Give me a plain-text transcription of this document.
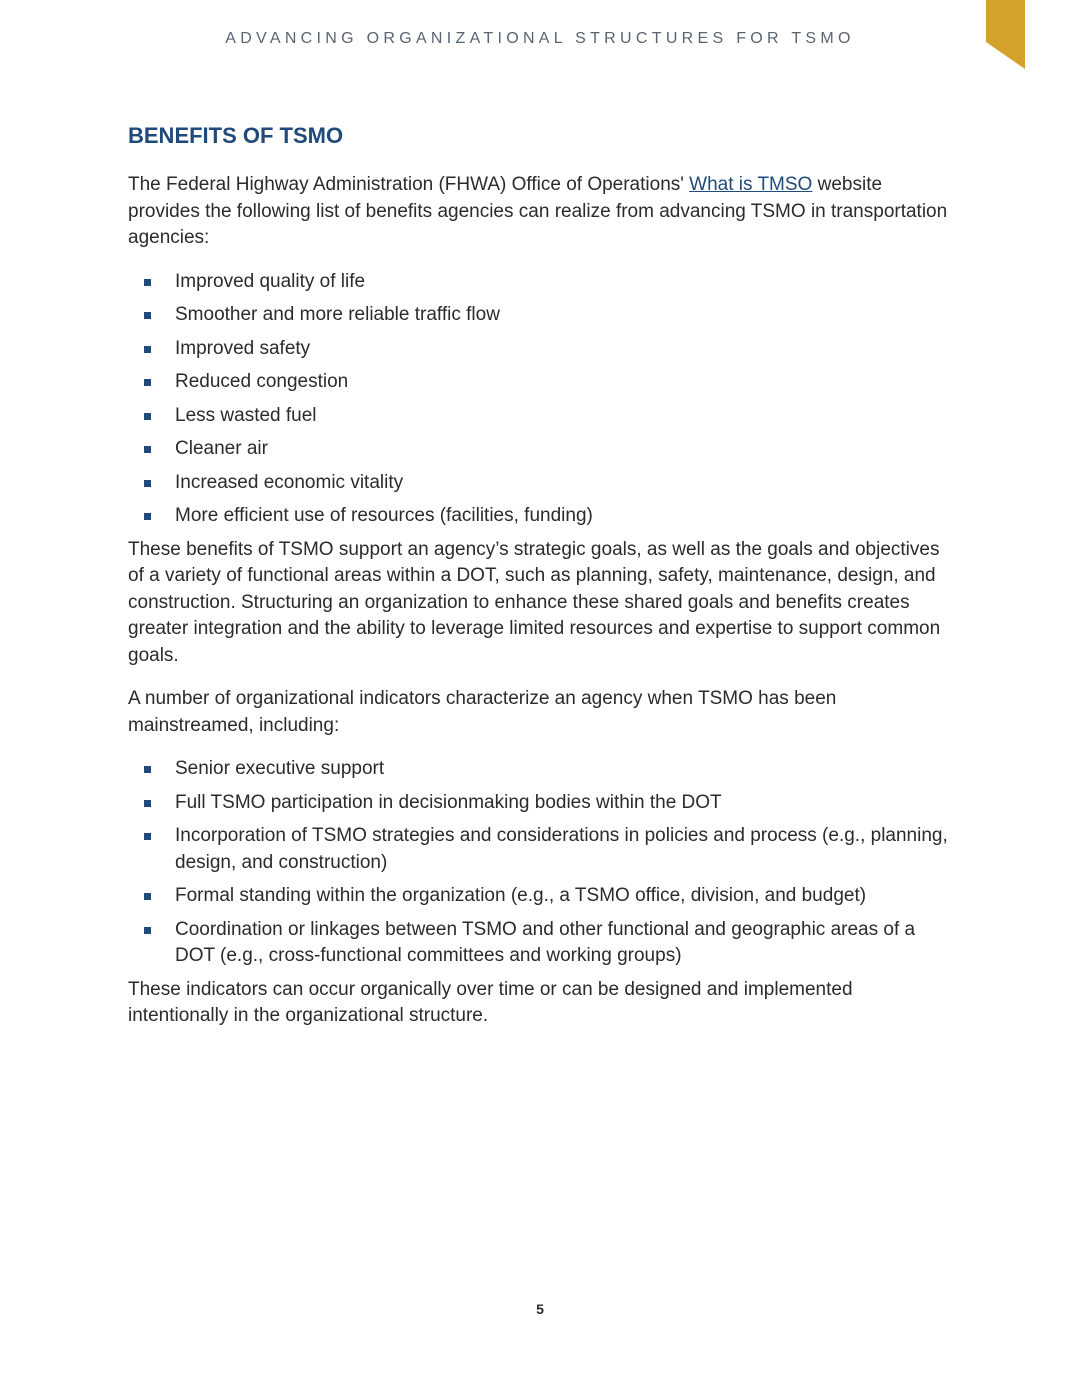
ADVANCING ORGANIZATIONAL STRUCTURES FOR TSMO
BENEFITS OF TSMO

The Federal Highway Administration (FHWA) Office of Operations' What is TMSO website provides the following list of benefits agencies can realize from advancing TSMO in transportation agencies:

Improved quality of life
Smoother and more reliable traffic flow
Improved safety
Reduced congestion
Less wasted fuel
Cleaner air
Increased economic vitality
More efficient use of resources (facilities, funding)

These benefits of TSMO support an agency’s strategic goals, as well as the goals and objectives of a variety of functional areas within a DOT, such as planning, safety, maintenance, design, and construction. Structuring an organization to enhance these shared goals and benefits creates greater integration and the ability to leverage limited resources and expertise to support common goals.

A number of organizational indicators characterize an agency when TSMO has been mainstreamed, including:

Senior executive support
Full TSMO participation in decisionmaking bodies within the DOT
Incorporation of TSMO strategies and considerations in policies and process (e.g., planning, design, and construction)
Formal standing within the organization (e.g., a TSMO office, division, and budget)
Coordination or linkages between TSMO and other functional and geographic areas of a DOT (e.g., cross-functional committees and working groups)

These indicators can occur organically over time or can be designed and implemented intentionally in the organizational structure.

5
